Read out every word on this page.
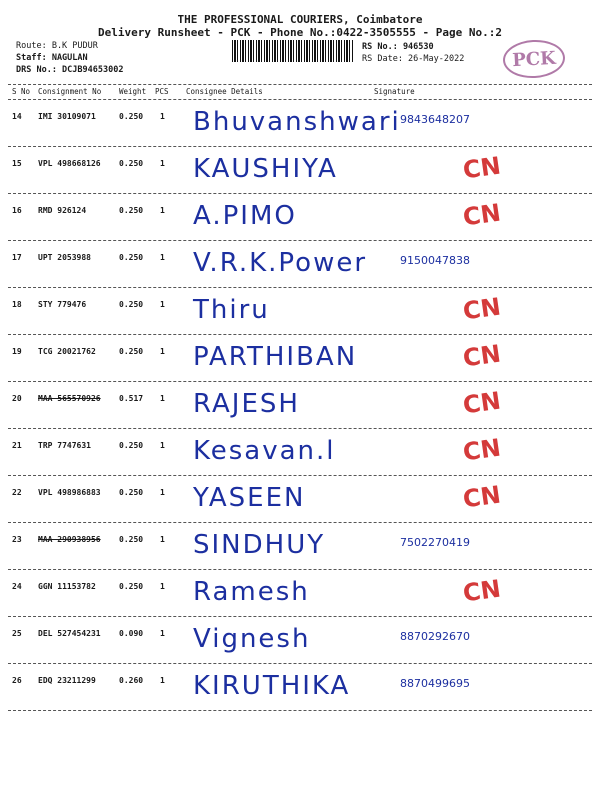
THE PROFESSIONAL COURIERS, Coimbatore
Delivery Runsheet - PCK - Phone No.:0422-3505555 - Page No.:2
Route: B.K PUDUR
Staff: NAGULAN
DRS No.: DCJB94653002
RS No.: 946530
RS Date: 26-May-2022	PCK
S No Consignment No Weight PCS Consignee Details	Signature
14 IMI 30109071	0.250 1 Bhuvanshwari 9843648207
15 VPL 498668126 0.250 1 KAUSHIYA	CN
16 RMD 926124	0.250 1 A.PIMO	CN
17 UPT 2053988	0.250 1 V.R.K.Power	9150047838
18 STY 779476	0.250 1 Thiru	CN
19 TCG 20021762	0.250 1 PARTHIBAN	CN
20 MAA 565570926 0.517 1 RAJESH	CN
21 TRP 7747631	0.250 1 Kesavan.l	CN
22 VPL 498986883 0.250 1 YASEEN	CN
23 MAA 290938956 0.250 1 SINDHUY	7502270419
24 GGN 11153782	0.250 1 Ramesh	CN
25 DEL 527454231 0.090 1 Vignesh	8870292670
26 EDQ 23211299	0.260 1 KIRUTHIKA	8870499695
